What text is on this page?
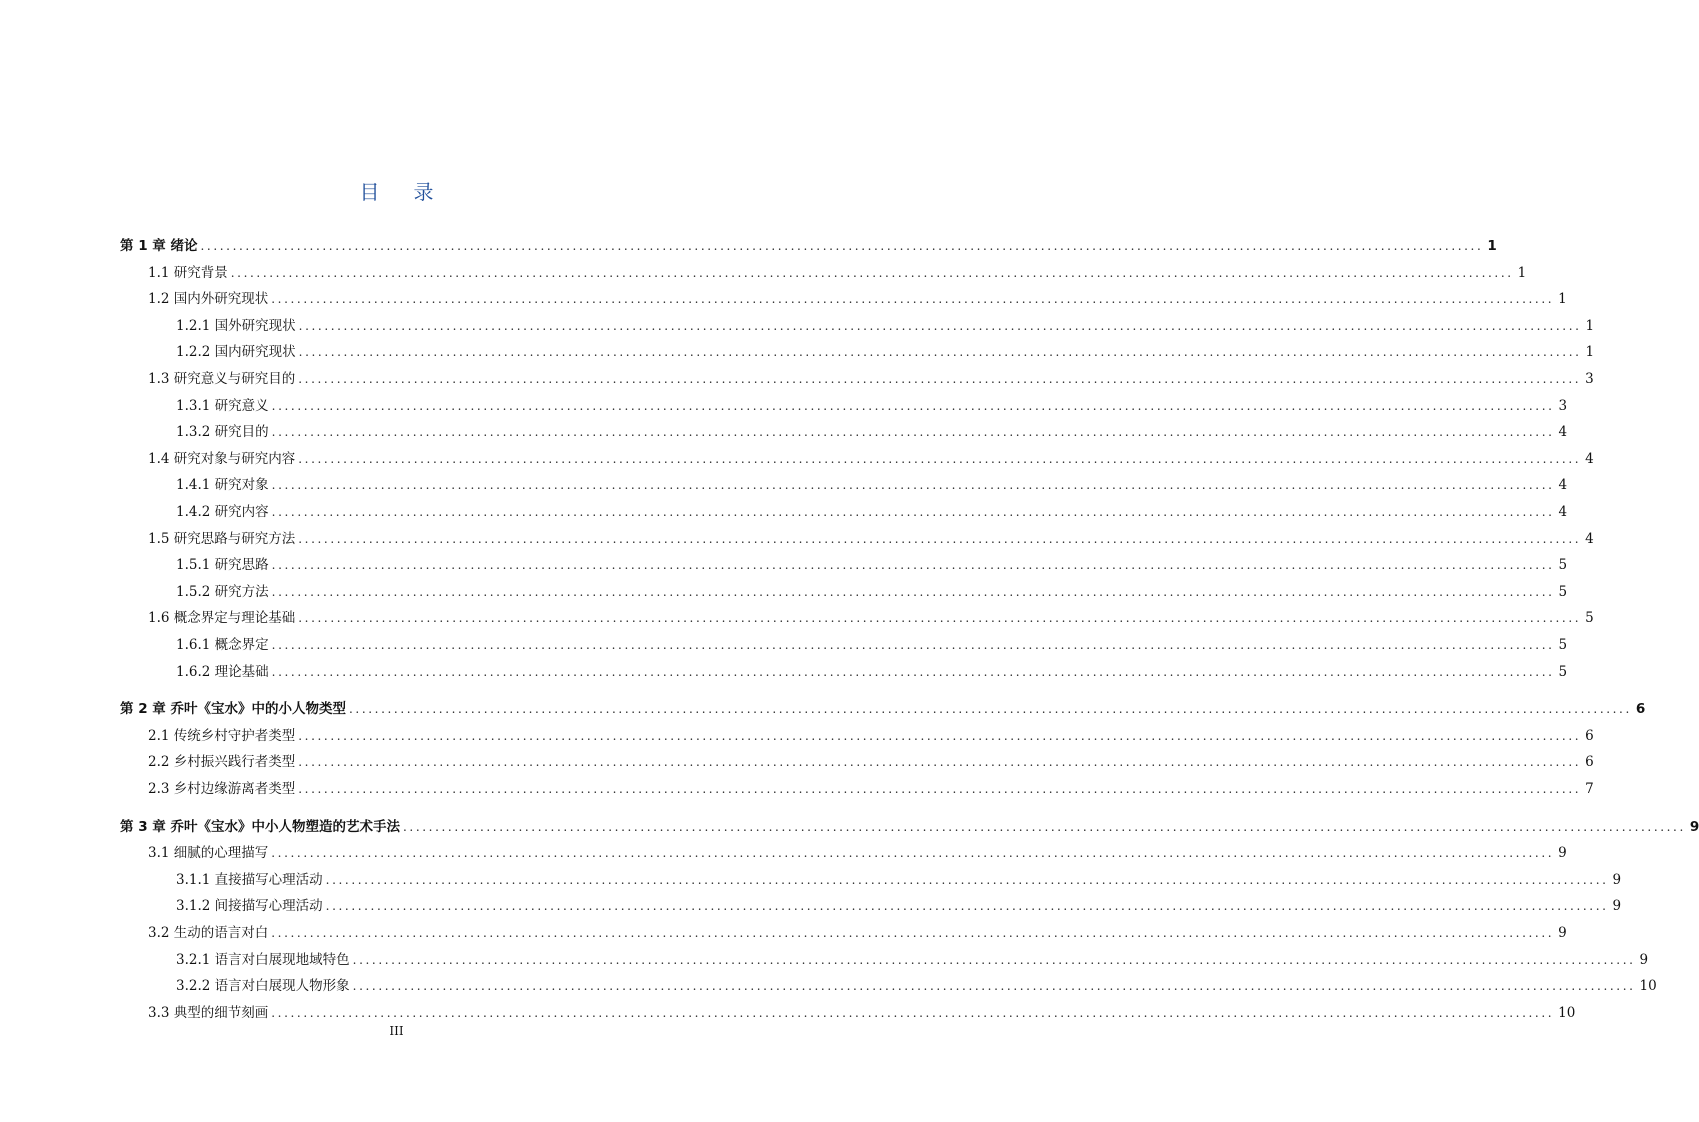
目录
第 1 章 绪论 ........................................................................................................................................................................................................ 1
1.1 研究背景 ........................................................................................................................................................................................................ 1
1.2 国内外研究现状 ........................................................................................................................................................................................................ 1
1.2.1 国外研究现状 ........................................................................................................................................................................................................ 1
1.2.2 国内研究现状 ........................................................................................................................................................................................................ 1
1.3 研究意义与研究目的 ........................................................................................................................................................................................................ 3
1.3.1 研究意义 ........................................................................................................................................................................................................ 3
1.3.2 研究目的 ........................................................................................................................................................................................................ 4
1.4 研究对象与研究内容 ........................................................................................................................................................................................................ 4
1.4.1 研究对象 ........................................................................................................................................................................................................ 4
1.4.2 研究内容 ........................................................................................................................................................................................................ 4
1.5 研究思路与研究方法 ........................................................................................................................................................................................................ 4
1.5.1 研究思路 ........................................................................................................................................................................................................ 5
1.5.2 研究方法 ........................................................................................................................................................................................................ 5
1.6 概念界定与理论基础 ........................................................................................................................................................................................................ 5
1.6.1 概念界定 ........................................................................................................................................................................................................ 5
1.6.2 理论基础 ........................................................................................................................................................................................................ 5
第 2 章 乔叶《宝水》中的小人物类型 ........................................................................................................................................................................................................ 6
2.1 传统乡村守护者类型 ........................................................................................................................................................................................................ 6
2.2 乡村振兴践行者类型 ........................................................................................................................................................................................................ 6
2.3 乡村边缘游离者类型 ........................................................................................................................................................................................................ 7
第 3 章 乔叶《宝水》中小人物塑造的艺术手法 ........................................................................................................................................................................................................ 9
3.1 细腻的心理描写 ........................................................................................................................................................................................................ 9
3.1.1 直接描写心理活动 ........................................................................................................................................................................................................ 9
3.1.2 间接描写心理活动 ........................................................................................................................................................................................................ 9
3.2 生动的语言对白 ........................................................................................................................................................................................................ 9
3.2.1 语言对白展现地域特色 ........................................................................................................................................................................................................ 9
3.2.2 语言对白展现人物形象 ........................................................................................................................................................................................................ 10
3.3 典型的细节刻画 ........................................................................................................................................................................................................ 10
III
